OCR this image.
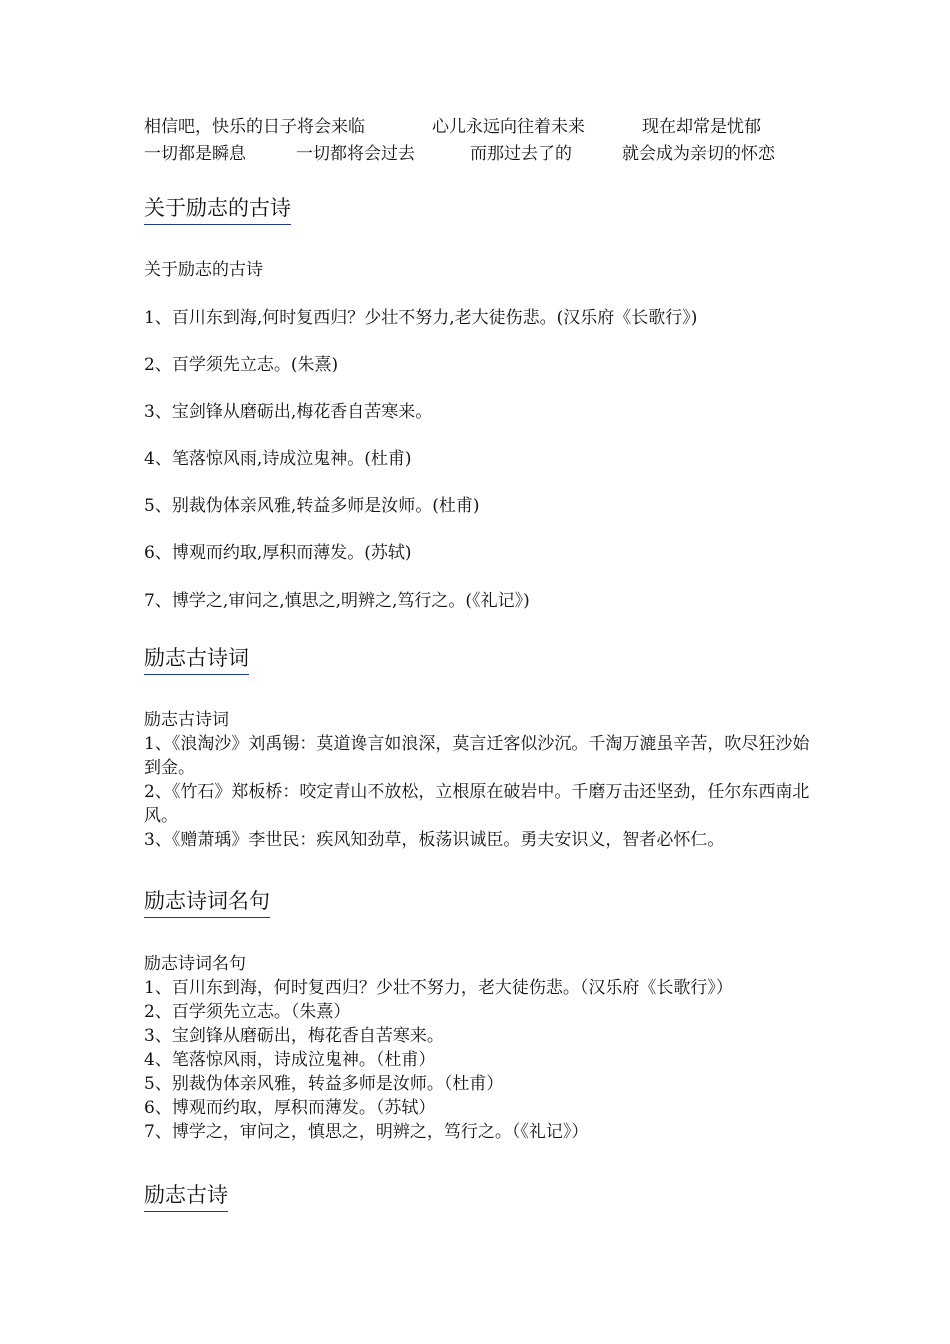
相信吧，快乐的日子将会来临	心儿永远向往着未来	现在却常是忧郁
一切都是瞬息	一切都将会过去	而那过去了的	就会成为亲切的怀恋
关于励志的古诗
关于励志的古诗
1、百川东到海,何时复西归？少壮不努力,老大徒伤悲。(汉乐府《长歌行》)
2、百学须先立志。(朱熹)
3、宝剑锋从磨砺出,梅花香自苦寒来。
4、笔落惊风雨,诗成泣鬼神。(杜甫)
5、别裁伪体亲风雅,转益多师是汝师。(杜甫)
6、博观而约取,厚积而薄发。(苏轼)
7、博学之,审问之,慎思之,明辨之,笃行之。(《礼记》)
励志古诗词
励志古诗词
1、《浪淘沙》刘禹锡：莫道谗言如浪深，莫言迁客似沙沉。千淘万漉虽辛苦，吹尽狂沙始到金。
2、《竹石》郑板桥：咬定青山不放松，立根原在破岩中。千磨万击还坚劲，任尔东西南北风。
3、《赠萧瑀》李世民：疾风知劲草，板荡识诚臣。勇夫安识义，智者必怀仁。
励志诗词名句
励志诗词名句
1、百川东到海，何时复西归？少壮不努力，老大徒伤悲。（汉乐府《长歌行》）
2、百学须先立志。（朱熹）
3、宝剑锋从磨砺出，梅花香自苦寒来。
4、笔落惊风雨，诗成泣鬼神。（杜甫）
5、别裁伪体亲风雅，转益多师是汝师。（杜甫）
6、博观而约取，厚积而薄发。（苏轼）
7、博学之，审问之，慎思之，明辨之，笃行之。（《礼记》）
励志古诗
